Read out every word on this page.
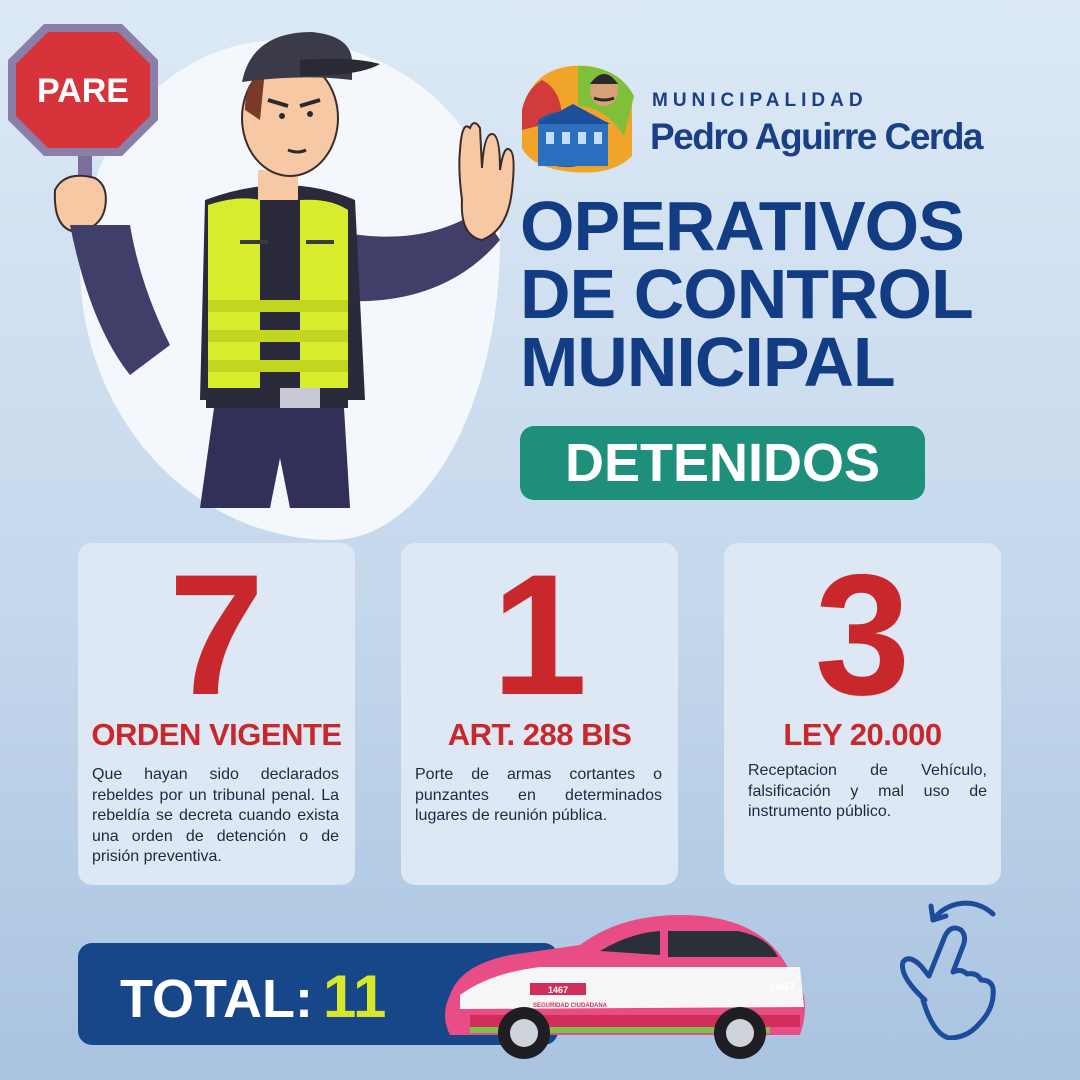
PARE	MUNICIPALIDAD
Pedro Aguirre Cerda
OPERATIVOS
DE CONTROL
MUNICIPAL
DETENIDOS
7
ORDEN VIGENTE
Que hayan sido declarados rebeldes por un tribunal penal. La rebeldía se decreta cuando exista una orden de detención o de prisión preventiva.
1
ART. 288 BIS
Porte de armas cortantes o punzantes en determinados lugares de reunión pública.
3
LEY 20.000
Receptacion de Vehículo, falsificación y mal uso de instrumento público.
TOTAL: 11	1467
SEGURIDAD CIUDADANA
1467
